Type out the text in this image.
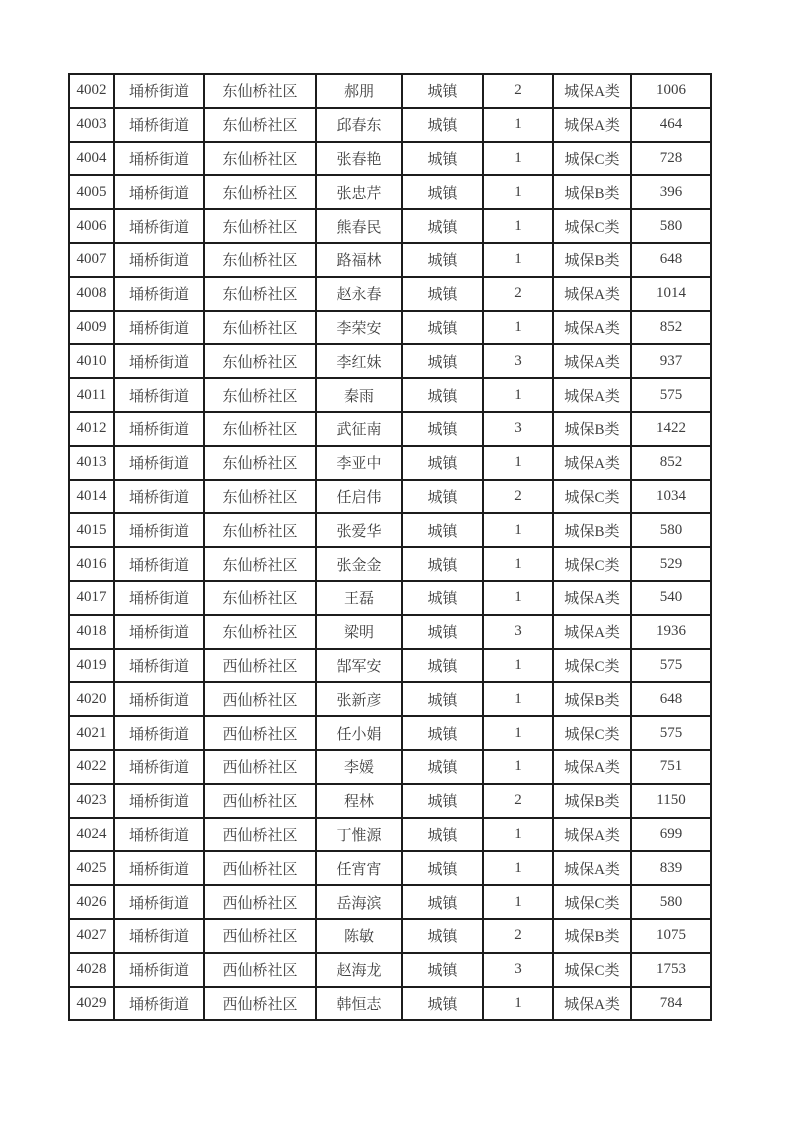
4002	埇桥街道	东仙桥社区	郝朋	城镇	2	城保A类	1006
4003	埇桥街道	东仙桥社区	邱春东	城镇	1	城保A类	464
4004	埇桥街道	东仙桥社区	张春艳	城镇	1	城保C类	728
4005	埇桥街道	东仙桥社区	张忠芹	城镇	1	城保B类	396
4006	埇桥街道	东仙桥社区	熊春民	城镇	1	城保C类	580
4007	埇桥街道	东仙桥社区	路福林	城镇	1	城保B类	648
4008	埇桥街道	东仙桥社区	赵永春	城镇	2	城保A类	1014
4009	埇桥街道	东仙桥社区	李荣安	城镇	1	城保A类	852
4010	埇桥街道	东仙桥社区	李红妹	城镇	3	城保A类	937
4011	埇桥街道	东仙桥社区	秦雨	城镇	1	城保A类	575
4012	埇桥街道	东仙桥社区	武征南	城镇	3	城保B类	1422
4013	埇桥街道	东仙桥社区	李亚中	城镇	1	城保A类	852
4014	埇桥街道	东仙桥社区	任启伟	城镇	2	城保C类	1034
4015	埇桥街道	东仙桥社区	张爱华	城镇	1	城保B类	580
4016	埇桥街道	东仙桥社区	张金金	城镇	1	城保C类	529
4017	埇桥街道	东仙桥社区	王磊	城镇	1	城保A类	540
4018	埇桥街道	东仙桥社区	梁明	城镇	3	城保A类	1936
4019	埇桥街道	西仙桥社区	郜军安	城镇	1	城保C类	575
4020	埇桥街道	西仙桥社区	张新彦	城镇	1	城保B类	648
4021	埇桥街道	西仙桥社区	任小娟	城镇	1	城保C类	575
4022	埇桥街道	西仙桥社区	李媛	城镇	1	城保A类	751
4023	埇桥街道	西仙桥社区	程林	城镇	2	城保B类	1150
4024	埇桥街道	西仙桥社区	丁惟源	城镇	1	城保A类	699
4025	埇桥街道	西仙桥社区	任宵宵	城镇	1	城保A类	839
4026	埇桥街道	西仙桥社区	岳海滨	城镇	1	城保C类	580
4027	埇桥街道	西仙桥社区	陈敏	城镇	2	城保B类	1075
4028	埇桥街道	西仙桥社区	赵海龙	城镇	3	城保C类	1753
4029	埇桥街道	西仙桥社区	韩恒志	城镇	1	城保A类	784
